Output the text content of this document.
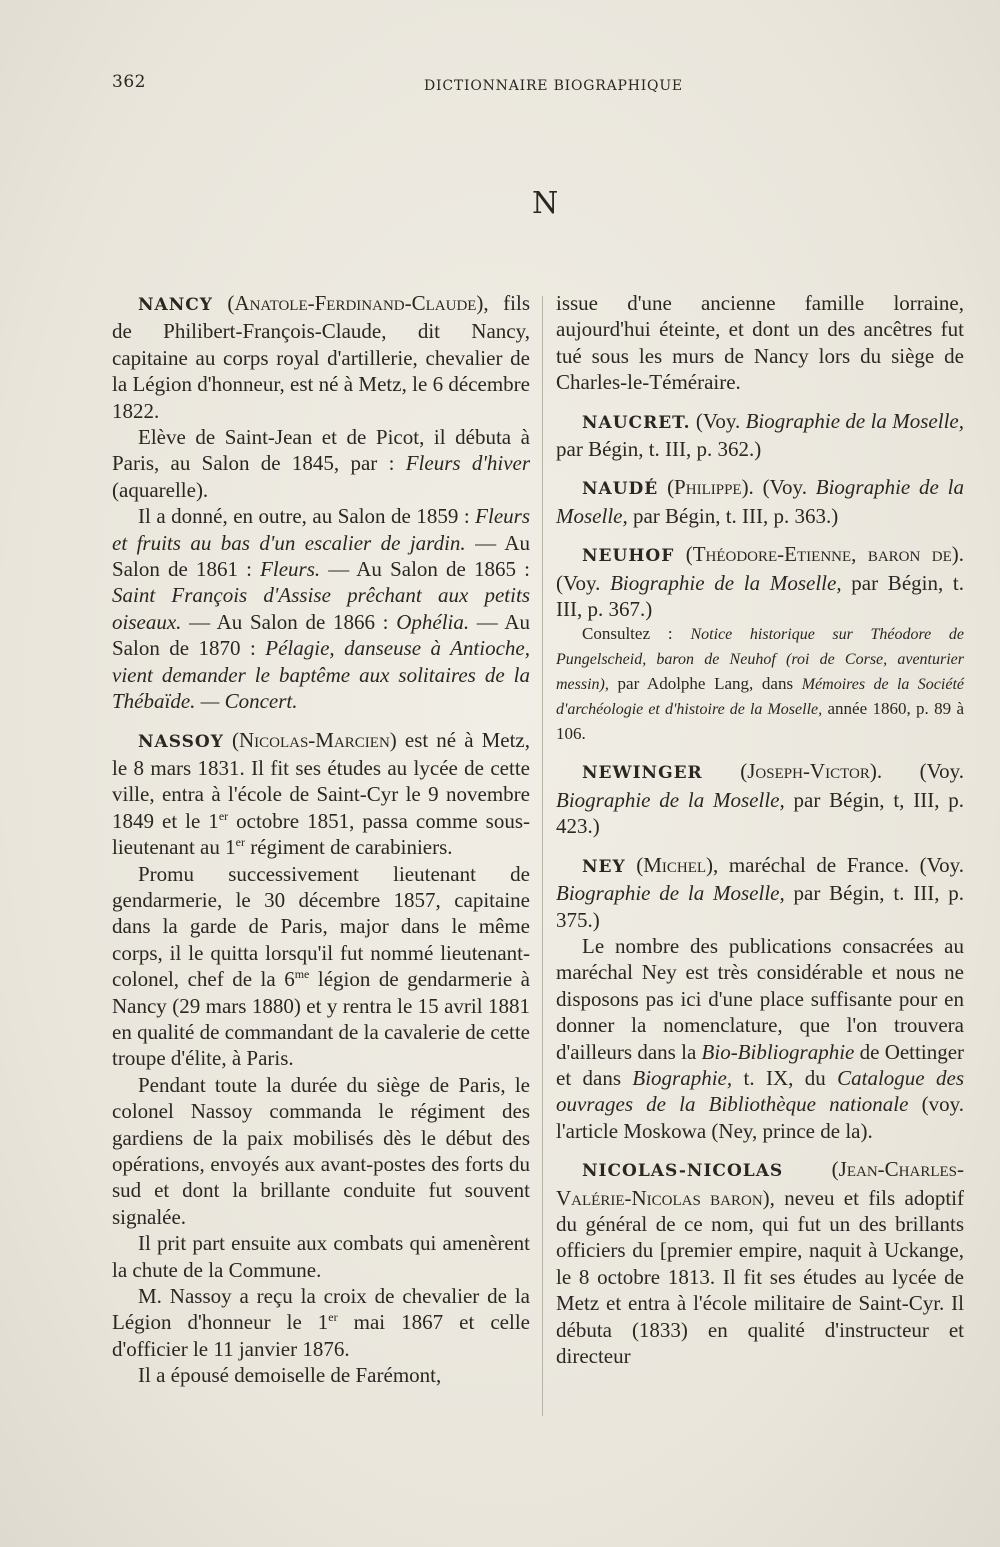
362	DICTIONNAIRE BIOGRAPHIQUE
N

NANCY (Anatole-Ferdinand-Claude), fils de Philibert-François-Claude, dit Nancy, capitaine au corps royal d'artillerie, chevalier de la Légion d'honneur, est né à Metz, le 6 décembre 1822.

Elève de Saint-Jean et de Picot, il débuta à Paris, au Salon de 1845, par : Fleurs d'hiver (aquarelle).

Il a donné, en outre, au Salon de 1859 : Fleurs et fruits au bas d'un escalier de jardin. — Au Salon de 1861 : Fleurs. — Au Salon de 1865 : Saint François d'Assise prêchant aux petits oiseaux. — Au Salon de 1866 : Ophélia. — Au Salon de 1870 : Pélagie, danseuse à Antioche, vient demander le baptême aux solitaires de la Thébaïde. — Concert.

NASSOY (Nicolas-Marcien) est né à Metz, le 8 mars 1831. Il fit ses études au lycée de cette ville, entra à l'école de Saint-Cyr le 9 novembre 1849 et le 1er octobre 1851, passa comme sous-lieutenant au 1er régiment de carabiniers.

Promu successivement lieutenant de gendarmerie, le 30 décembre 1857, capitaine dans la garde de Paris, major dans le même corps, il le quitta lorsqu'il fut nommé lieutenant-colonel, chef de la $6^{me}$ légion de gendarmerie à Nancy (29 mars 1880) et y rentra le 15 avril 1881 en qualité de commandant de la cavalerie de cette troupe d'élite, à Paris.

Pendant toute la durée du siège de Paris, le colonel Nassoy commanda le régiment des gardiens de la paix mobilisés dès le début des opérations, envoyés aux avant-postes des forts du sud et dont la brillante conduite fut souvent signalée.

Il prit part ensuite aux combats qui amenèrent la chute de la Commune.

M. Nassoy a reçu la croix de chevalier de la Légion d'honneur le 1er mai 1867 et celle d'officier le 11 janvier 1876.

Il a épousé demoiselle de Farémont,

issue d'une ancienne famille lorraine, aujourd'hui éteinte, et dont un des ancêtres fut tué sous les murs de Nancy lors du siège de Charles-le-Téméraire.

NAUCRET. (Voy. Biographie de la Moselle, par Bégin, t. III, p. 362.)

NAUDÉ (Philippe). (Voy. Biographie de la Moselle, par Bégin, t. III, p. 363.)

NEUHOF (Théodore-Etienne, baron de). (Voy. Biographie de la Moselle, par Bégin, t. III, p. 367.)

Consultez : Notice historique sur Théodore de Pungelscheid, baron de Neuhof (roi de Corse, aventurier messin), par Adolphe Lang, dans Mémoires de la Société d'archéologie et d'histoire de la Moselle, année 1860, p. 89 à 106.

NEWINGER (Joseph-Victor). (Voy. Biographie de la Moselle, par Bégin, t, III, p. 423.)

NEY (Michel), maréchal de France. (Voy. Biographie de la Moselle, par Bégin, t. III, p. 375.)

Le nombre des publications consacrées au maréchal Ney est très considérable et nous ne disposons pas ici d'une place suffisante pour en donner la nomenclature, que l'on trouvera d'ailleurs dans la Bio-Bibliographie de Oettinger et dans Biographie, t. IX, du Catalogue des ouvrages de la Bibliothèque nationale (voy. l'article Moskowa (Ney, prince de la).

NICOLAS-NICOLAS (Jean-Charles-Valérie-Nicolas baron), neveu et fils adoptif du général de ce nom, qui fut un des brillants officiers du [premier empire, naquit à Uckange, le 8 octobre 1813. Il fit ses études au lycée de Metz et entra à l'école militaire de Saint-Cyr. Il débuta (1833) en qualité d'instructeur et directeur
